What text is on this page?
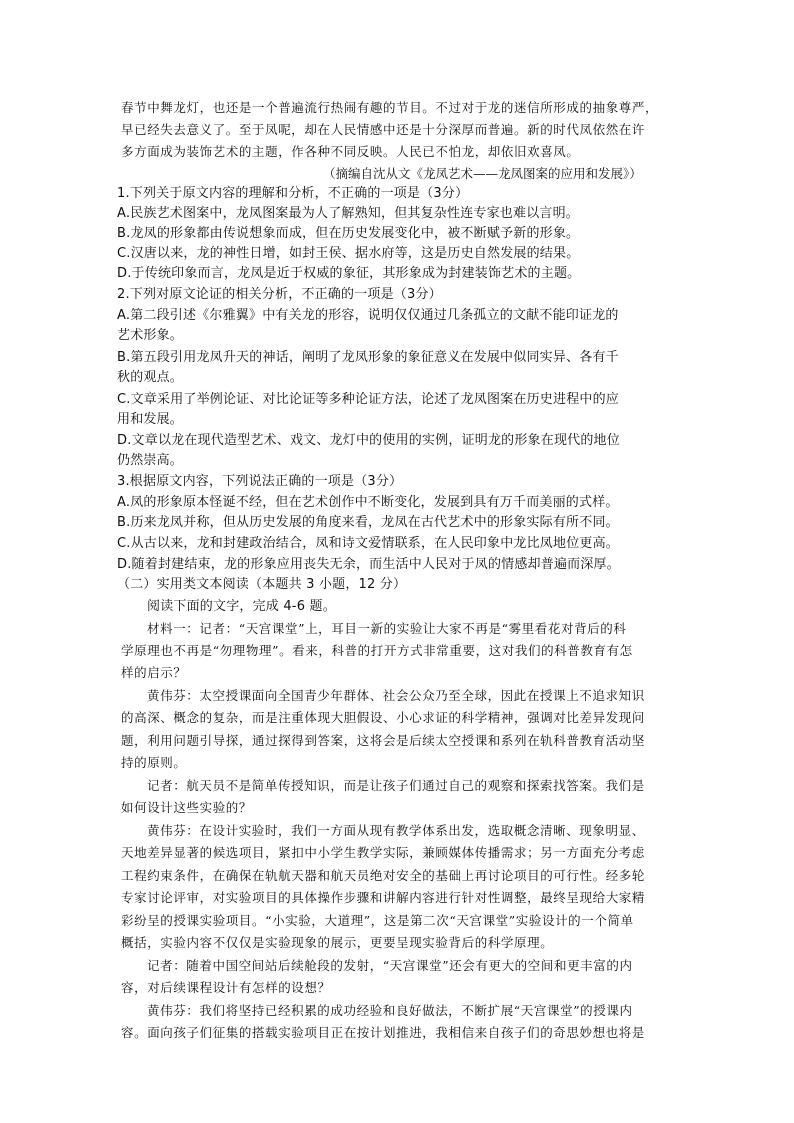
春节中舞龙灯，也还是一个普遍流行热闹有趣的节目。不过对于龙的迷信所形成的抽象尊严，
早已经失去意义了。至于凤呢，却在人民情感中还是十分深厚而普遍。新的时代凤依然在许
多方面成为装饰艺术的主题，作各种不同反映。人民已不怕龙，却依旧欢喜凤。
（摘编自沈从文《龙凤艺术——龙凤图案的应用和发展》）
1.下列关于原文内容的理解和分析，不正确的一项是（3分）
A.民族艺术图案中，龙凤图案最为人了解熟知，但其复杂性连专家也难以言明。
B.龙凤的形象都由传说想象而成，但在历史发展变化中，被不断赋予新的形象。
C.汉唐以来，龙的神性日增，如封王侯、据水府等，这是历史自然发展的结果。
D.于传统印象而言，龙凤是近于权威的象征，其形象成为封建装饰艺术的主题。
2.下列对原文论证的相关分析，不正确的一项是（3分）
A.第二段引述《尔雅翼》中有关龙的形容，说明仅仅通过几条孤立的文献不能印证龙的
艺术形象。
B.第五段引用龙凤升天的神话，阐明了龙凤形象的象征意义在发展中似同实异、各有千
秋的观点。
C.文章采用了举例论证、对比论证等多种论证方法，论述了龙凤图案在历史进程中的应
用和发展。
D.文章以龙在现代造型艺术、戏文、龙灯中的使用的实例，证明龙的形象在现代的地位
仍然崇高。
3.根据原文内容，下列说法正确的一项是（3分）
A.凤的形象原本怪诞不经，但在艺术创作中不断变化，发展到具有万千而美丽的式样。
B.历来龙凤并称，但从历史发展的角度来看，龙凤在古代艺术中的形象实际有所不同。
C.从古以来，龙和封建政治结合，凤和诗文爱情联系，在人民印象中龙比凤地位更高。
D.随着封建结束，龙的形象应用丧失无余，而生活中人民对于凤的情感却普遍而深厚。
（二）实用类文本阅读（本题共 3 小题，12 分）
阅读下面的文字，完成 4-6 题。
材料一：记者：“天宫课堂”上，耳目一新的实验让大家不再是“雾里看花对背后的科
学原理也不再是“勿理物理”。看来，科普的打开方式非常重要，这对我们的科普教育有怎
样的启示？
黄伟芬：太空授课面向全国青少年群体、社会公众乃至全球，因此在授课上不追求知识
的高深、概念的复杂，而是注重体现大胆假设、小心求证的科学精神，强调对比差异发现问
题，利用问题引导探，通过探得到答案，这将会是后续太空授课和系列在轨科普教育活动坚
持的原则。
记者：航天员不是简单传授知识，而是让孩子们通过自己的观察和探索找答案。我们是
如何设计这些实验的？
黄伟芬：在设计实验时，我们一方面从现有教学体系出发，选取概念清晰、现象明显、
天地差异显著的候选项目，紧扣中小学生教学实际，兼顾媒体传播需求；另一方面充分考虑
工程约束条件，在确保在轨航天器和航天员绝对安全的基础上再讨论项目的可行性。经多轮
专家讨论评审，对实验项目的具体操作步骤和讲解内容进行针对性调整，最终呈现给大家精
彩纷呈的授课实验项目。“小实验，大道理”，这是第二次“天宫课堂”实验设计的一个简单
概括，实验内容不仅仅是实验现象的展示，更要呈现实验背后的科学原理。
记者：随着中国空间站后续舱段的发射，“天宫课堂”还会有更大的空间和更丰富的内
容，对后续课程设计有怎样的设想？
黄伟芬：我们将坚持已经积累的成功经验和良好做法，不断扩展“天宫课堂”的授课内
容。面向孩子们征集的搭载实验项目正在按计划推进，我相信来自孩子们的奇思妙想也将是
